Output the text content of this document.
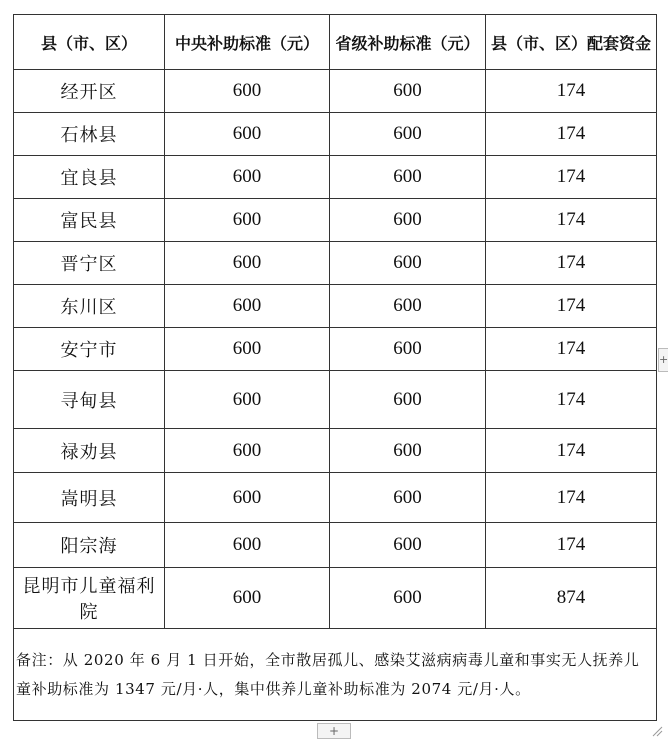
县（市、区）	中央补助标准（元）	省级补助标准（元）	县（市、区）配套资金
经开区	600	600	174
石林县	600	600	174
宜良县	600	600	174
富民县	600	600	174
晋宁区	600	600	174
东川区	600	600	174
安宁市	600	600	174
寻甸县	600	600	174
禄劝县	600	600	174
嵩明县	600	600	174
阳宗海	600	600	174
昆明市儿童福利院	600	600	874
备注：从 2020 年 6 月 1 日开始，全市散居孤儿、感染艾滋病病毒儿童和事实无人抚养儿童补助标准为 1347 元/月·人，集中供养儿童补助标准为 2074 元/月·人。			
+
+
